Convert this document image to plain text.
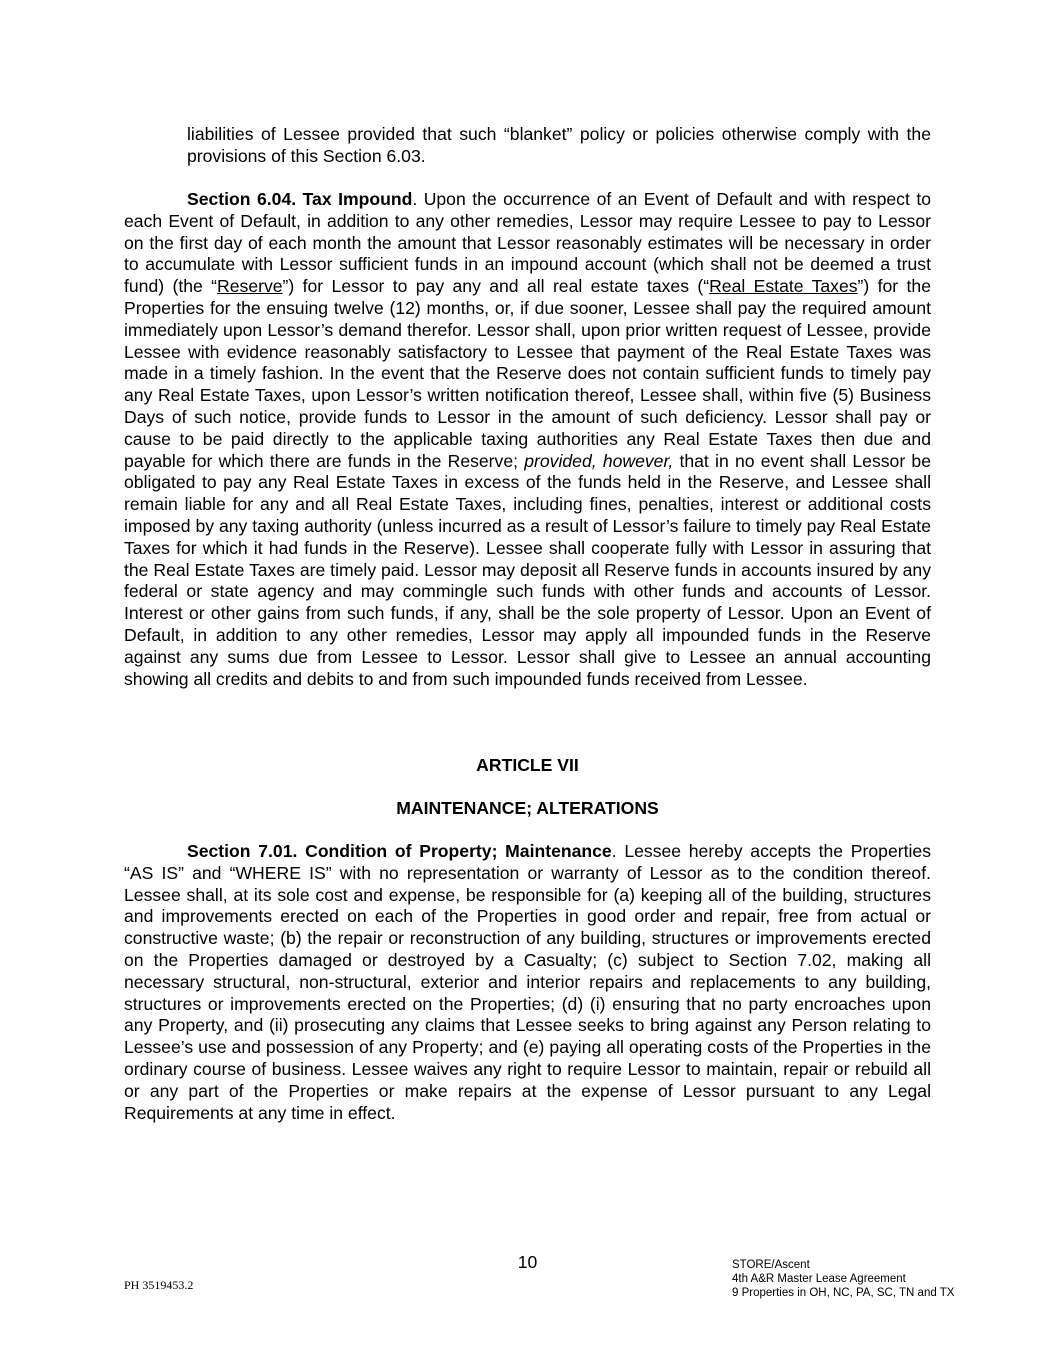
liabilities of Lessee provided that such “blanket” policy or policies otherwise comply with the provisions of this Section 6.03.

Section 6.04. Tax Impound. Upon the occurrence of an Event of Default and with respect to each Event of Default, in addition to any other remedies, Lessor may require Lessee to pay to Lessor on the first day of each month the amount that Lessor reasonably estimates will be necessary in order to accumulate with Lessor sufficient funds in an impound account (which shall not be deemed a trust fund) (the “Reserve”) for Lessor to pay any and all real estate taxes (“Real Estate Taxes”) for the Properties for the ensuing twelve (12) months, or, if due sooner, Lessee shall pay the required amount immediately upon Lessor’s demand therefor. Lessor shall, upon prior written request of Lessee, provide Lessee with evidence reasonably satisfactory to Lessee that payment of the Real Estate Taxes was made in a timely fashion. In the event that the Reserve does not contain sufficient funds to timely pay any Real Estate Taxes, upon Lessor’s written notification thereof, Lessee shall, within five (5) Business Days of such notice, provide funds to Lessor in the amount of such deficiency. Lessor shall pay or cause to be paid directly to the applicable taxing authorities any Real Estate Taxes then due and payable for which there are funds in the Reserve; provided, however, that in no event shall Lessor be obligated to pay any Real Estate Taxes in excess of the funds held in the Reserve, and Lessee shall remain liable for any and all Real Estate Taxes, including fines, penalties, interest or additional costs imposed by any taxing authority (unless incurred as a result of Lessor’s failure to timely pay Real Estate Taxes for which it had funds in the Reserve). Lessee shall cooperate fully with Lessor in assuring that the Real Estate Taxes are timely paid. Lessor may deposit all Reserve funds in accounts insured by any federal or state agency and may commingle such funds with other funds and accounts of Lessor. Interest or other gains from such funds, if any, shall be the sole property of Lessor. Upon an Event of Default, in addition to any other remedies, Lessor may apply all impounded funds in the Reserve against any sums due from Lessee to Lessor. Lessor shall give to Lessee an annual accounting showing all credits and debits to and from such impounded funds received from Lessee.

ARTICLE VII

MAINTENANCE; ALTERATIONS

Section 7.01. Condition of Property; Maintenance. Lessee hereby accepts the Properties “AS IS” and “WHERE IS” with no representation or warranty of Lessor as to the condition thereof. Lessee shall, at its sole cost and expense, be responsible for (a) keeping all of the building, structures and improvements erected on each of the Properties in good order and repair, free from actual or constructive waste; (b) the repair or reconstruction of any building, structures or improvements erected on the Properties damaged or destroyed by a Casualty; (c) subject to Section 7.02, making all necessary structural, non-structural, exterior and interior repairs and replacements to any building, structures or improvements erected on the Properties; (d) (i) ensuring that no party encroaches upon any Property, and (ii) prosecuting any claims that Lessee seeks to bring against any Person relating to Lessee’s use and possession of any Property; and (e) paying all operating costs of the Properties in the ordinary course of business. Lessee waives any right to require Lessor to maintain, repair or rebuild all or any part of the Properties or make repairs at the expense of Lessor pursuant to any Legal Requirements at any time in effect.

10
PH 3519453.2
STORE/Ascent
4th A&R Master Lease Agreement
9 Properties in OH, NC, PA, SC, TN and TX
